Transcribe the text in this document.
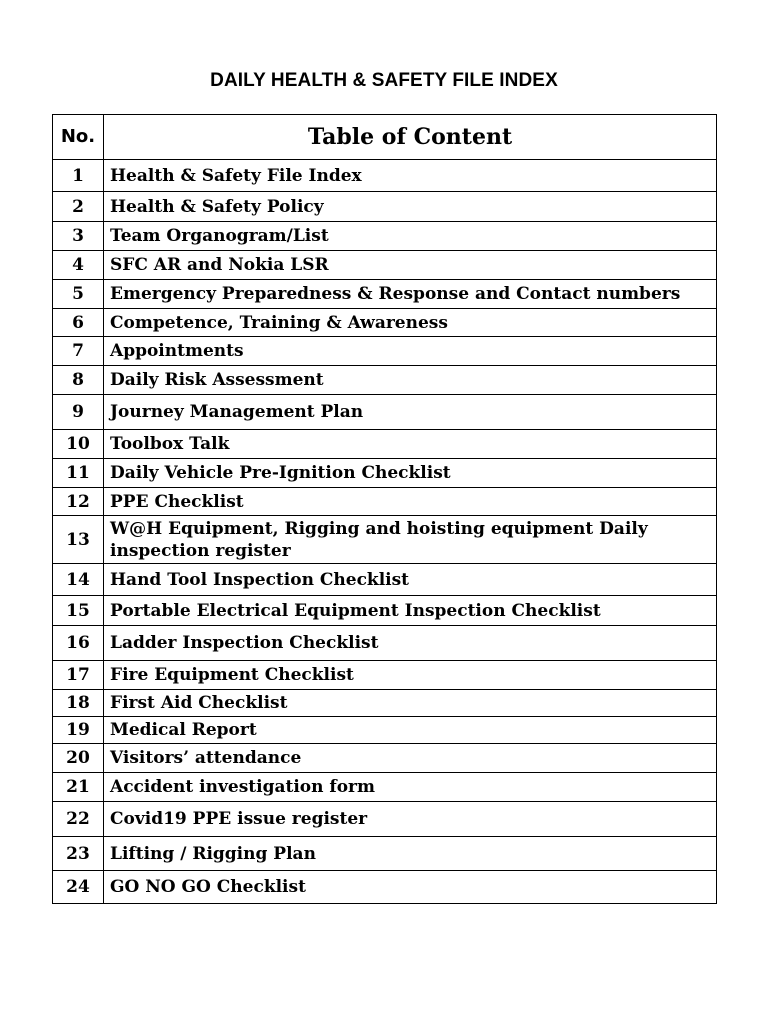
DAILY HEALTH & SAFETY FILE INDEX
No.	Table of Content
1	Health & Safety File Index
2	Health & Safety Policy
3	Team Organogram/List
4	SFC AR and Nokia LSR
5	Emergency Preparedness & Response and Contact numbers
6	Competence, Training & Awareness
7	Appointments
8	Daily Risk Assessment
9	Journey Management Plan
10	Toolbox Talk
11	Daily Vehicle Pre-Ignition Checklist
12	PPE Checklist
13	W@H Equipment, Rigging and hoisting equipment Daily inspection register
14	Hand Tool Inspection Checklist
15	Portable Electrical Equipment Inspection Checklist
16	Ladder Inspection Checklist
17	Fire Equipment Checklist
18	First Aid Checklist
19	Medical Report
20	Visitors’ attendance
21	Accident investigation form
22	Covid19 PPE issue register
23	Lifting / Rigging Plan
24	GO NO GO Checklist
